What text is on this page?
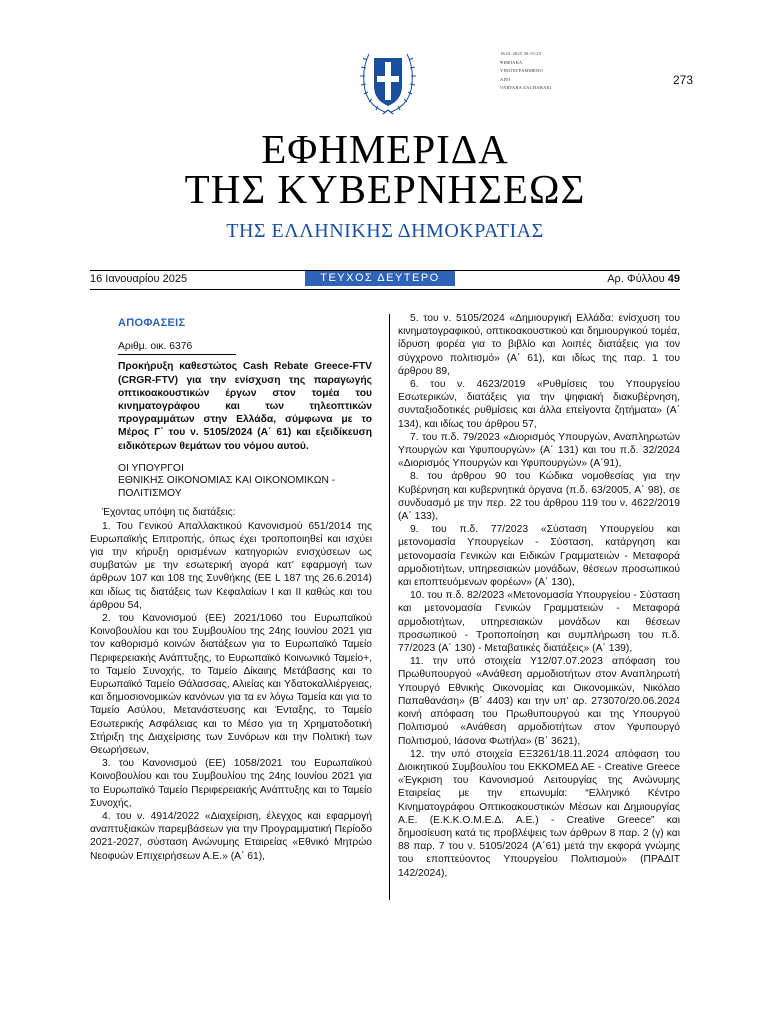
16.01.2025 20:15:25
ΨΗΦΙΑΚΑ
ΥΠΟΓΕΓΡΑΜΜΕΝΟ
ΑΠΟ
VARVARA ZACHARAKI
273
ΕΦΗΜΕΡΙΔΑ
ΤΗΣ ΚΥΒΕΡΝΗΣΕΩΣ
ΤΗΣ ΕΛΛΗΝΙΚΗΣ ΔΗΜΟΚΡΑΤΙΑΣ
16 Ιανουαρίου 2025	ΤΕΥΧΟΣ ΔΕΥΤΕΡΟ	Αρ. Φύλλου 49
ΑΠΟΦΑΣΕΙΣ
Αριθμ. οικ. 6376
Προκήρυξη καθεστώτος Cash Rebate Greece-FTV (CRGR-FTV) για την ενίσχυση της παραγωγής οπτικοακουστικών έργων στον τομέα του κινηματογράφου και των τηλεοπτικών προγραμμάτων στην Ελλάδα, σύμφωνα με το Μέρος Γ΄ του ν. 5105/2024 (Α΄ 61) και εξειδίκευση ειδικότερων θεμάτων του νόμου αυτού.
ΟΙ ΥΠΟΥΡΓΟΙ
ΕΘΝΙΚΗΣ ΟΙΚΟΝΟΜΙΑΣ ΚΑΙ ΟΙΚΟΝΟΜΙΚΩΝ -
ΠΟΛΙΤΙΣΜΟΥ

Έχοντας υπόψη τις διατάξεις:

1. Του Γενικού Απαλλακτικού Κανονισμού 651/2014 της Ευρωπαϊκής Επιτροπής, όπως έχει τροποποιηθεί και ισχύει για την κήρυξη ορισμένων κατηγοριών ενισχύσεων ως συμβατών με την εσωτερική αγορά κατ’ εφαρμογή των άρθρων 107 και 108 της Συνθήκης (EE L 187 της 26.6.2014) και ιδίως τις διατάξεις των Κεφαλαίων Ι και ΙΙ καθώς και του άρθρου 54,

2. του Κανονισμού (ΕΕ) 2021/1060 του Ευρωπαϊκού Κοινοβουλίου και του Συμβουλίου της 24ης Ιουνίου 2021 για τον καθορισμό κοινών διατάξεων για το Ευρωπαϊκό Ταμείο Περιφερειακής Ανάπτυξης, το Ευρωπαϊκό Κοινωνικό Ταμείο+, το Ταμείο Συνοχής, το Ταμείο Δίκαιης Μετάβασης και το Ευρωπαϊκό Ταμείο Θάλασσας, Αλιείας και Υδατοκαλλιέργειας, και δημοσιονομικών κανόνων για τα εν λόγω Ταμεία και για το Ταμείο Ασύλου, Μετανάστευσης και Ένταξης, το Ταμείο Εσωτερικής Ασφάλειας και το Μέσο για τη Χρηματοδοτική Στήριξη της Διαχείρισης των Συνόρων και την Πολιτική των Θεωρήσεων,

3. του Κανονισμού (ΕΕ) 1058/2021 του Ευρωπαϊκού Κοινοβουλίου και του Συμβουλίου της 24ης Ιουνίου 2021 για το Ευρωπαϊκό Ταμείο Περιφερειακής Ανάπτυξης και το Ταμείο Συνοχής,

4. του ν. 4914/2022 «Διαχείριση, έλεγχος και εφαρμογή αναπτυξιακών παρεμβάσεων για την Προγραμματική Περίοδο 2021-2027, σύσταση Ανώνυμης Εταιρείας «Εθνικό Μητρώο Νεοφυών Επιχειρήσεων Α.Ε.» (Α΄ 61),

5. του ν. 5105/2024 «Δημιουργική Ελλάδα: ενίσχυση του κινηματογραφικού, οπτικοακουστικού και δημιουργικού τομέα, ίδρυση φορέα για το βιβλίο και λοιπές διατάξεις για τον σύγχρονο πολιτισμό» (Α΄ 61), και ιδίως της παρ. 1 του άρθρου 89,

6. του ν. 4623/2019 «Ρυθμίσεις του Υπουργείου Εσωτερικών, διατάξεις για την ψηφιακή διακυβέρνηση, συνταξιοδοτικές ρυθμίσεις και άλλα επείγοντα ζητήματα» (Α΄ 134), και ιδίως του άρθρου 57,

7. του π.δ. 79/2023 «Διορισμός Υπουργών, Αναπληρωτών Υπουργών και Υφυπουργών» (Α΄ 131) και του π.δ. 32/2024 «Διορισμός Υπουργών και Υφυπουργών» (Α΄91),

8. του άρθρου 90 του Κώδικα νομοθεσίας για την Κυβέρνηση και κυβερνητικά όργανα (π.δ. 63/2005, Α΄ 98), σε συνδυασμό με την περ. 22 του άρθρου 119 του ν. 4622/2019 (Α΄ 133),

9. του π.δ. 77/2023 «Σύσταση Υπουργείου και μετονομασία Υπουργείων - Σύσταση, κατάργηση και μετονομασία Γενικών και Ειδικών Γραμματειών - Μεταφορά αρμοδιοτήτων, υπηρεσιακών μονάδων, θέσεων προσωπικού και εποπτευόμενων φορέων» (Α΄ 130),

10. του π.δ. 82/2023 «Μετονομασία Υπουργείου - Σύσταση και μετονομασία Γενικών Γραμματειών - Μεταφορά αρμοδιοτήτων, υπηρεσιακών μονάδων και θέσεων προσωπικού - Τροποποίηση και συμπλήρωση του π.δ. 77/2023 (Α΄ 130) - Μεταβατικές διατάξεις» (Α΄ 139),

11. την υπό στοιχεία Υ12/07.07.2023 απόφαση του Πρωθυπουργού «Ανάθεση αρμοδιοτήτων στον Αναπληρωτή Υπουργό Εθνικής Οικονομίας και Οικονομικών, Νικόλαο Παπαθανάση» (Β΄ 4403) και την υπ’ αρ. 273070/20.06.2024 κοινή απόφαση του Πρωθυπουργού και της Υπουργού Πολιτισμού «Ανάθεση αρμοδιοτήτων στον Υφυπουργό Πολιτισμού, Ιάσονα Φωτήλα» (Β΄ 3621),

12. την υπό στοιχεία ΕΞ3261/18.11.2024 απόφαση του Διοικητικού Συμβουλίου του ΕΚΚΟΜΕΔ ΑΕ - Creative Greece «Έγκριση του Κανονισμού Λειτουργίας της Ανώνυμης Εταιρείας με την επωνυμία: “Ελληνικό Κέντρο Κινηματογράφου Οπτικοακουστικών Μέσων και Δημιουργίας Α.Ε. (Ε.Κ.Κ.Ο.Μ.Ε.Δ. Α.Ε.) - Creative Greece” και δημοσίευση κατά τις προβλέψεις των άρθρων 8 παρ. 2 (γ) και 88 παρ. 7 του ν. 5105/2024 (Α΄61) μετά την εκφορά γνώμης του εποπτεύοντος Υπουργείου Πολιτισμού» (ΠΡΑΔΙΤ 142/2024),
